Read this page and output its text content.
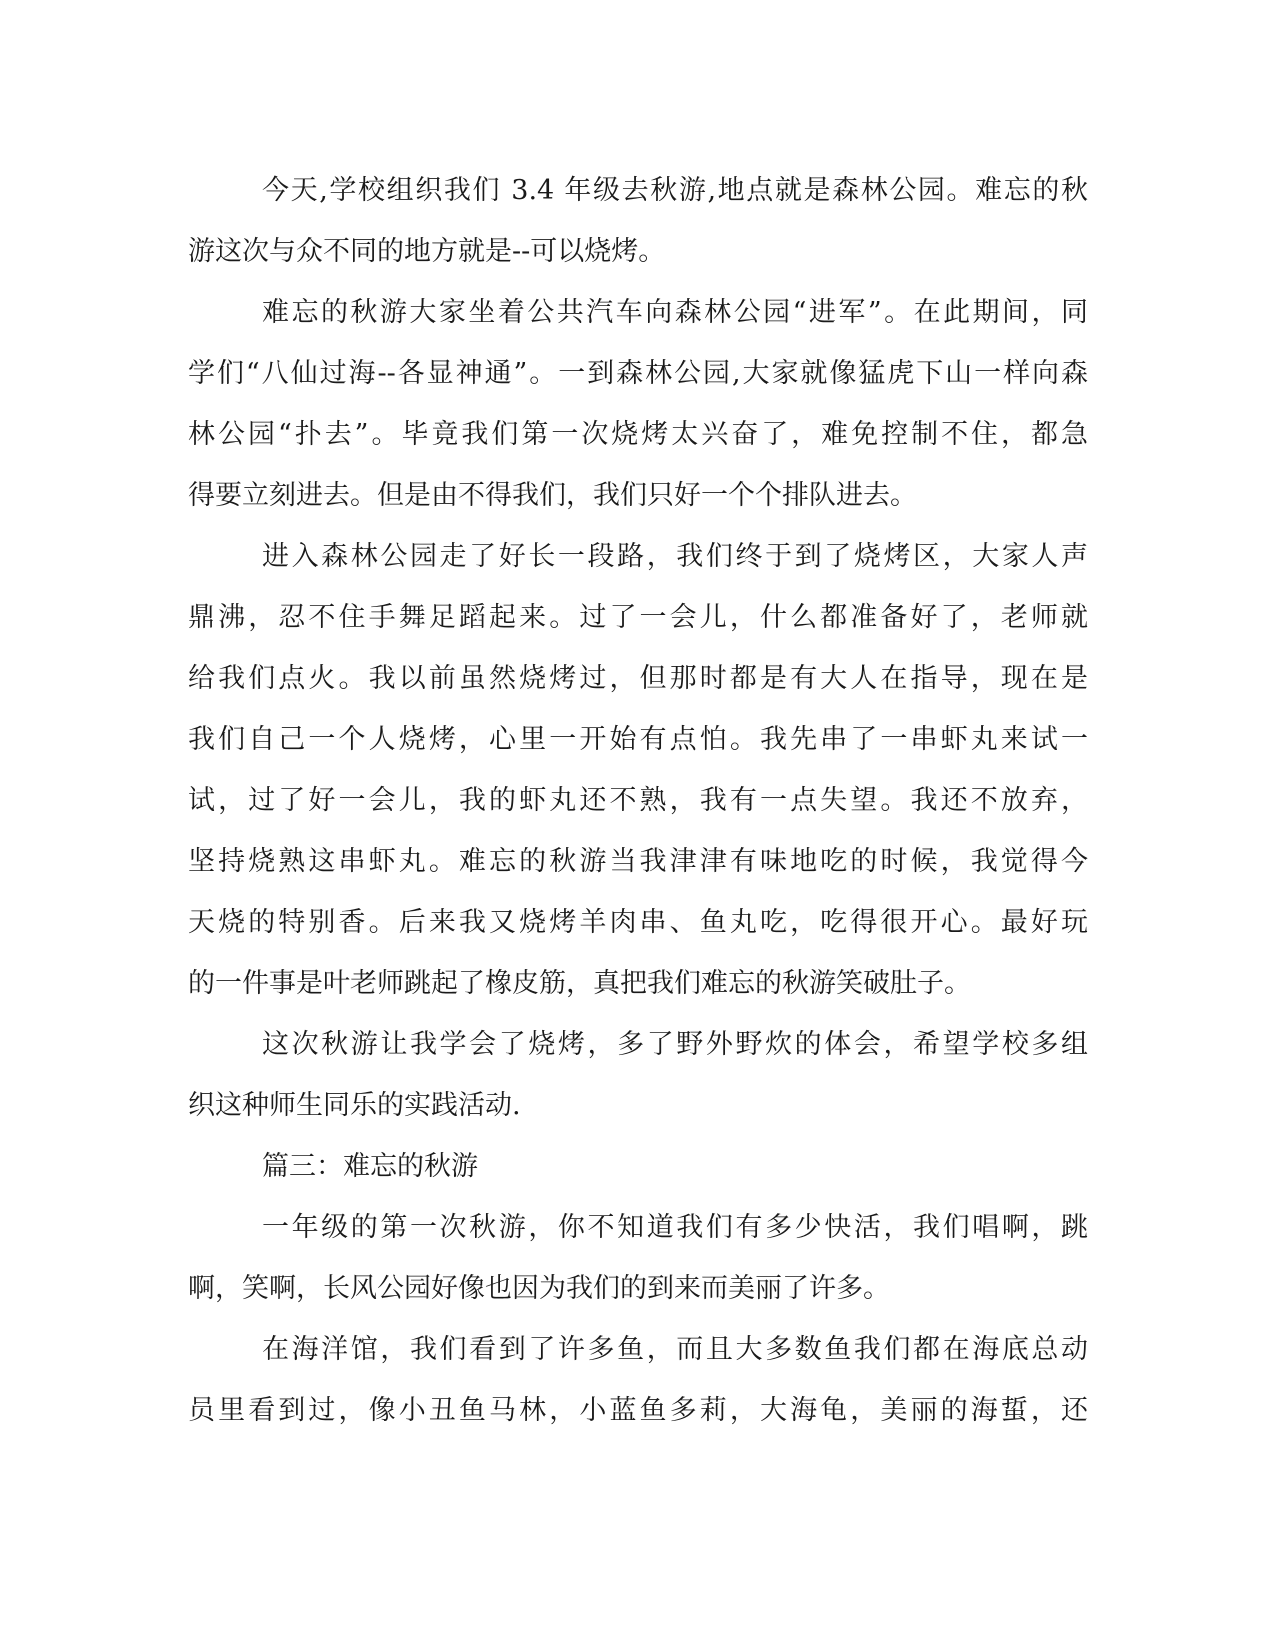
今天,学校组织我们 3.4 年级去秋游,地点就是森林公园。难忘的秋
游这次与众不同的地方就是--可以烧烤。
难忘的秋游大家坐着公共汽车向森林公园“进军”。在此期间，同
学们“八仙过海--各显神通”。一到森林公园,大家就像猛虎下山一样向森
林公园“扑去”。毕竟我们第一次烧烤太兴奋了，难免控制不住，都急
得要立刻进去。但是由不得我们，我们只好一个个排队进去。
进入森林公园走了好长一段路，我们终于到了烧烤区，大家人声
鼎沸，忍不住手舞足蹈起来。过了一会儿，什么都准备好了，老师就
给我们点火。我以前虽然烧烤过，但那时都是有大人在指导，现在是
我们自己一个人烧烤，心里一开始有点怕。我先串了一串虾丸来试一
试，过了好一会儿，我的虾丸还不熟，我有一点失望。我还不放弃，
坚持烧熟这串虾丸。难忘的秋游当我津津有味地吃的时候，我觉得今
天烧的特别香。后来我又烧烤羊肉串、鱼丸吃，吃得很开心。最好玩
的一件事是叶老师跳起了橡皮筋，真把我们难忘的秋游笑破肚子。
这次秋游让我学会了烧烤，多了野外野炊的体会，希望学校多组
织这种师生同乐的实践活动.
篇三：难忘的秋游
一年级的第一次秋游，你不知道我们有多少快活，我们唱啊，跳
啊，笑啊，长风公园好像也因为我们的到来而美丽了许多。
在海洋馆，我们看到了许多鱼，而且大多数鱼我们都在海底总动
员里看到过，像小丑鱼马林，小蓝鱼多莉，大海龟，美丽的海蜇，还
